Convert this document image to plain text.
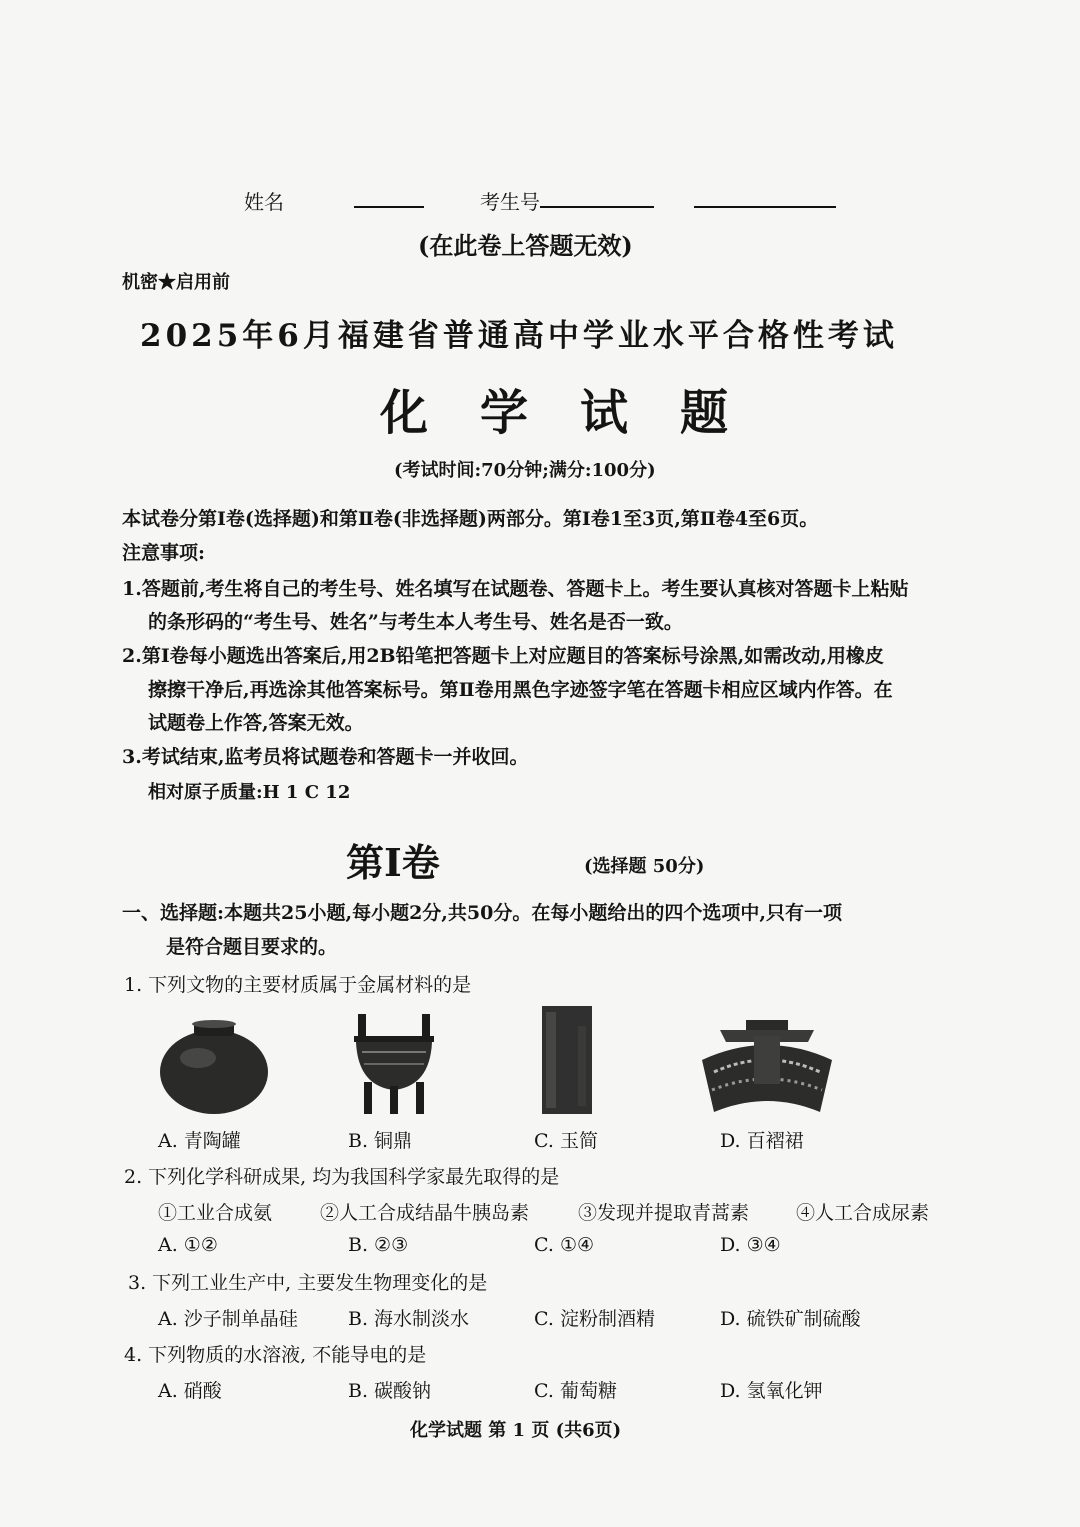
姓名	考生号
(在此卷上答题无效)
机密★启用前
2025年6月福建省普通高中学业水平合格性考试
化学试题
(考试时间:70分钟;满分:100分)
本试卷分第Ⅰ卷(选择题)和第Ⅱ卷(非选择题)两部分。第Ⅰ卷1至3页,第Ⅱ卷4至6页。
注意事项:
1.答题前,考生将自己的考生号、姓名填写在试题卷、答题卡上。考生要认真核对答题卡上粘贴
的条形码的“考生号、姓名”与考生本人考生号、姓名是否一致。
2.第Ⅰ卷每小题选出答案后,用2B铅笔把答题卡上对应题目的答案标号涂黑,如需改动,用橡皮
擦擦干净后,再选涂其他答案标号。第Ⅱ卷用黑色字迹签字笔在答题卡相应区域内作答。在
试题卷上作答,答案无效。
3.考试结束,监考员将试题卷和答题卡一并收回。
相对原子质量:H 1 C 12
第Ⅰ卷	(选择题 50分)
一、选择题:本题共25小题,每小题2分,共50分。在每小题给出的四个选项中,只有一项
是符合题目要求的。
1. 下列文物的主要材质属于金属材料的是
A. 青陶罐	B. 铜鼎	C. 玉简	D. 百褶裙
2. 下列化学科研成果, 均为我国科学家最先取得的是
①工业合成氨	②人工合成结晶牛胰岛素	③发现并提取青蒿素 ④人工合成尿素
A. ①②	B. ②③	C. ①④	D. ③④
3. 下列工业生产中, 主要发生物理变化的是
A. 沙子制单晶硅	B. 海水制淡水	C. 淀粉制酒精	D. 硫铁矿制硫酸
4. 下列物质的水溶液, 不能导电的是
A. 硝酸	B. 碳酸钠	C. 葡萄糖	D. 氢氧化钾
化学试题 第 1 页 (共6页)
